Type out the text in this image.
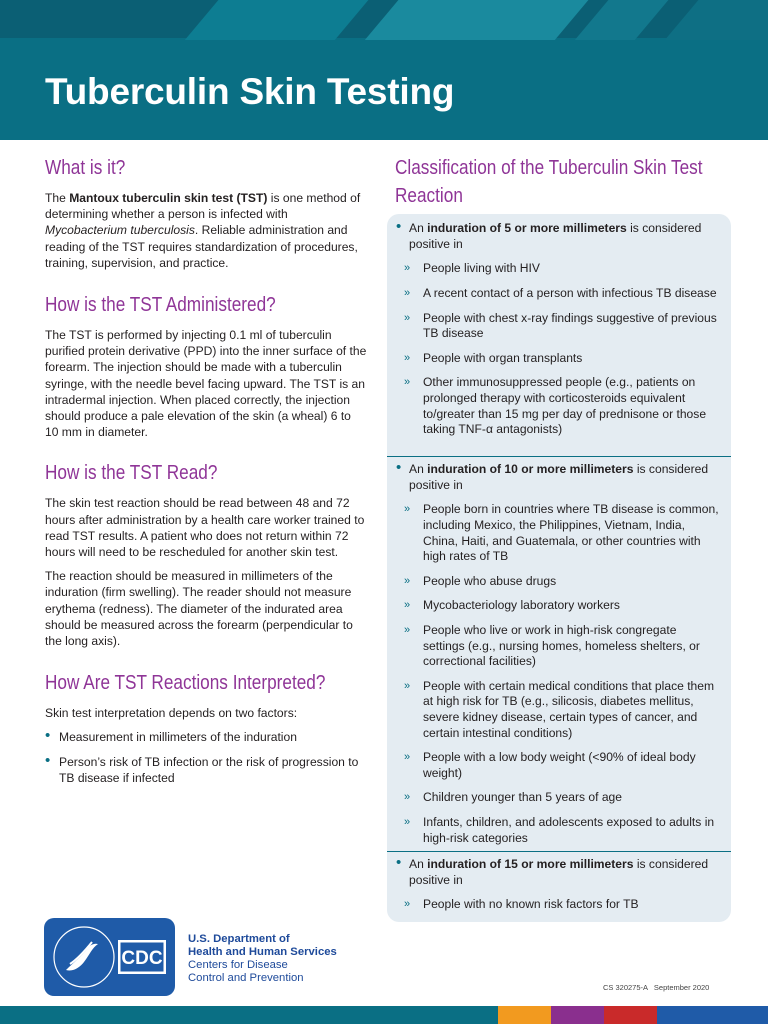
Tuberculin Skin Testing
What is it?

The Mantoux tuberculin skin test (TST) is one method of determining whether a person is infected with Mycobacterium tuberculosis. Reliable administration and reading of the TST requires standardization of procedures, training, supervision, and practice.

How is the TST Administered?

The TST is performed by injecting 0.1 ml of tuberculin purified protein derivative (PPD) into the inner surface of the forearm. The injection should be made with a tuberculin syringe, with the needle bevel facing upward. The TST is an intradermal injection. When placed correctly, the injection should produce a pale elevation of the skin (a wheal) 6 to 10 mm in diameter.

How is the TST Read?

The skin test reaction should be read between 48 and 72 hours after administration by a health care worker trained to read TST results. A patient who does not return within 72 hours will need to be rescheduled for another skin test.

The reaction should be measured in millimeters of the induration (firm swelling). The reader should not measure erythema (redness). The diameter of the indurated area should be measured across the forearm (perpendicular to the long axis).

How Are TST Reactions Interpreted?

Skin test interpretation depends on two factors:

• Measurement in millimeters of the induration
• Person’s risk of TB infection or the risk of progression to TB disease if infected
Classification of the Tuberculin Skin Test Reaction
• An induration of 5 or more millimeters is considered positive in
» People living with HIV
» A recent contact of a person with infectious TB disease
» People with chest x-ray findings suggestive of previous TB disease
» People with organ transplants
» Other immunosuppressed people (e.g., patients on prolonged therapy with corticosteroids equivalent to/greater than 15 mg per day of prednisone or those taking TNF-α antagonists)
• An induration of 10 or more millimeters is considered positive in
» People born in countries where TB disease is common, including Mexico, the Philippines, Vietnam, India, China, Haiti, and Guatemala, or other countries with high rates of TB
» People who abuse drugs
» Mycobacteriology laboratory workers
» People who live or work in high-risk congregate settings (e.g., nursing homes, homeless shelters, or correctional facilities)
» People with certain medical conditions that place them at high risk for TB (e.g., silicosis, diabetes mellitus, severe kidney disease, certain types of cancer, and certain intestinal conditions)
» People with a low body weight (<90% of ideal body weight)
» Children younger than 5 years of age
» Infants, children, and adolescents exposed to adults in high-risk categories
• An induration of 15 or more millimeters is considered positive in
» People with no known risk factors for TB
CDC
U.S. Department of
Health and Human Services
Centers for Disease
Control and Prevention
CS 320275-A September 2020
